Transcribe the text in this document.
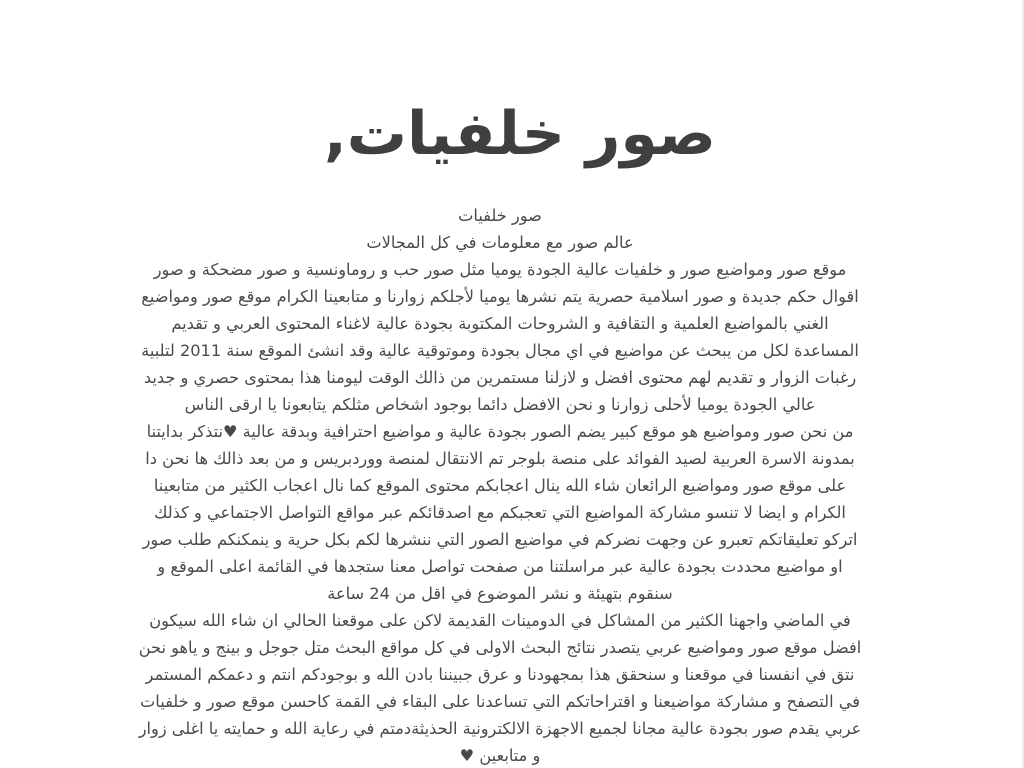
صور خلفيات,
صور خلفيات
عالم صور مع معلومات في كل المجالات
موقع صور ومواضيع صور و خلفيات عالية الجودة يوميا مثل صور حب و روماونسية و صور مضحكة و صور
اقوال حكم جديدة و صور اسلامية حصرية يتم نشرها يوميا لأجلكم زوارنا و متابعينا الكرام موقع صور ومواضيع
الغني بالمواضيع العلمية و التقافية و الشروحات المكتوبة بجودة عالية لاغناء المحتوى العربي و تقديم
المساعدة لكل من يبحث عن مواضيع في اي مجال بجودة وموتوقية عالية وقد انشئ الموقع سنة 2011 لتلبية
رغبات الزوار و تقديم لهم محتوى افضل و لازلنا مستمرين من ذالك الوقت ليومنا هذا بمحتوى حصري و جديد
عالي الجودة يوميا لأحلى زوارنا و نحن الافضل دائما بوجود اشخاص مثلكم يتابعونا يا ارقى الناس
من نحن صور ومواضيع هو موقع كبير يضم الصور بجودة عالية و مواضيع احترافية وبدقة عالية ♥نتذكر بدايتنا
بمدونة الاسرة العربية لصيد الفوائد على منصة بلوجر تم الانتقال لمنصة ووردبريس و من بعد ذالك ها نحن دا
على موقع صور ومواضيع الرائعان شاء الله ينال اعجابكم محتوى الموقع كما نال اعجاب الكثير من متابعينا
الكرام و ايضا لا تنسو مشاركة المواضيع التي تعجبكم مع اصدقائكم عبر مواقع التواصل الاجتماعي و كذلك
اتركو تعليقاتكم تعبرو عن وجهت نضركم في مواضيع الصور التي ننشرها لكم بكل حرية و ينمكنكم طلب صور
او مواضيع محددت بجودة عالية عبر مراسلتنا من صفحت تواصل معنا ستجدها في القائمة اعلى الموقع و
سنقوم بتهيئة و نشر الموضوع في اقل من 24 ساعة
في الماضي واجهنا الكثير من المشاكل في الدومينات القديمة لاكن على موقعنا الحالي ان شاء الله سيكون
افضل موقع صور ومواضيع عربي يتصدر نتائج البحث الاولى في كل مواقع البحث متل جوجل و بينج و ياهو نحن
نتق في انفسنا في موقعنا و سنحقق هذا بمجهودنا و عرق جبيننا بادن الله و بوجودكم انتم و دعمكم المستمر
في التصفح و مشاركة مواضيعنا و اقتراحاتكم التي تساعدنا على البقاء في القمة كاحسن موقع صور و خلفيات
عربي يقدم صور بجودة عالية مجانا لجميع الاجهزة الالكترونية الحذيثةدمتم في رعاية الله و حمايته يا اغلى زوار
و متابعين ♥
